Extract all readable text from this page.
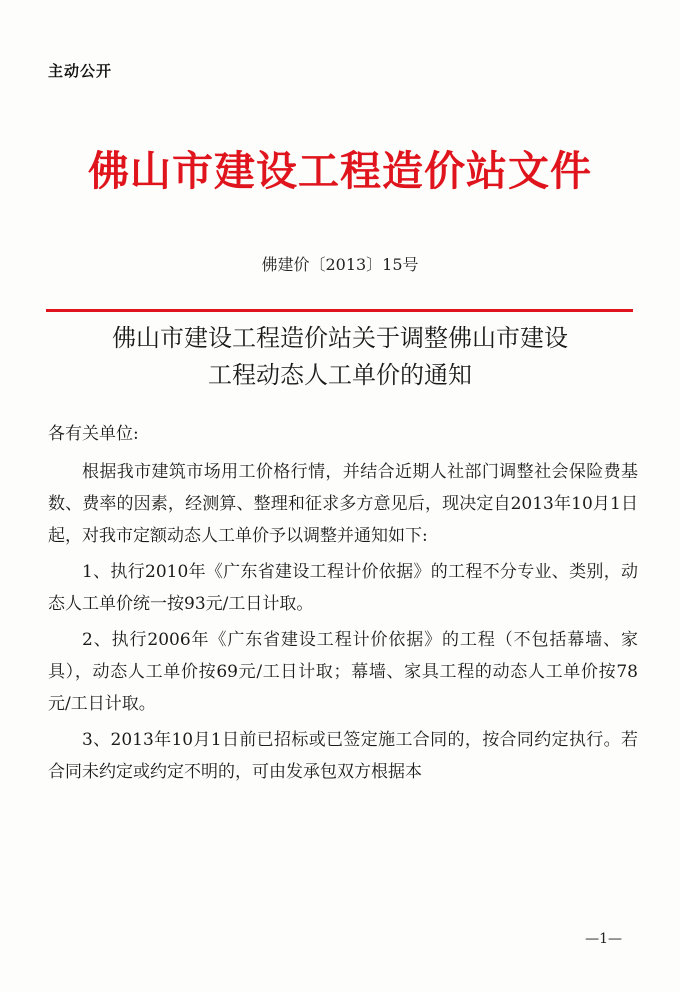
主动公开
佛山市建设工程造价站文件
佛建价〔2013〕15号
佛山市建设工程造价站关于调整佛山市建设
工程动态人工单价的通知

各有关单位:

根据我市建筑市场用工价格行情，并结合近期人社部门调整社会保险费基数、费率的因素，经测算、整理和征求多方意见后，现决定自2013年10月1日起，对我市定额动态人工单价予以调整并通知如下:

1、执行2010年《广东省建设工程计价依据》的工程不分专业、类别，动态人工单价统一按93元/工日计取。

2、执行2006年《广东省建设工程计价依据》的工程（不包括幕墙、家具），动态人工单价按69元/工日计取；幕墙、家具工程的动态人工单价按78元/工日计取。

3、2013年10月1日前已招标或已签定施工合同的，按合同约定执行。若合同未约定或约定不明的，可由发承包双方根据本

—1—
